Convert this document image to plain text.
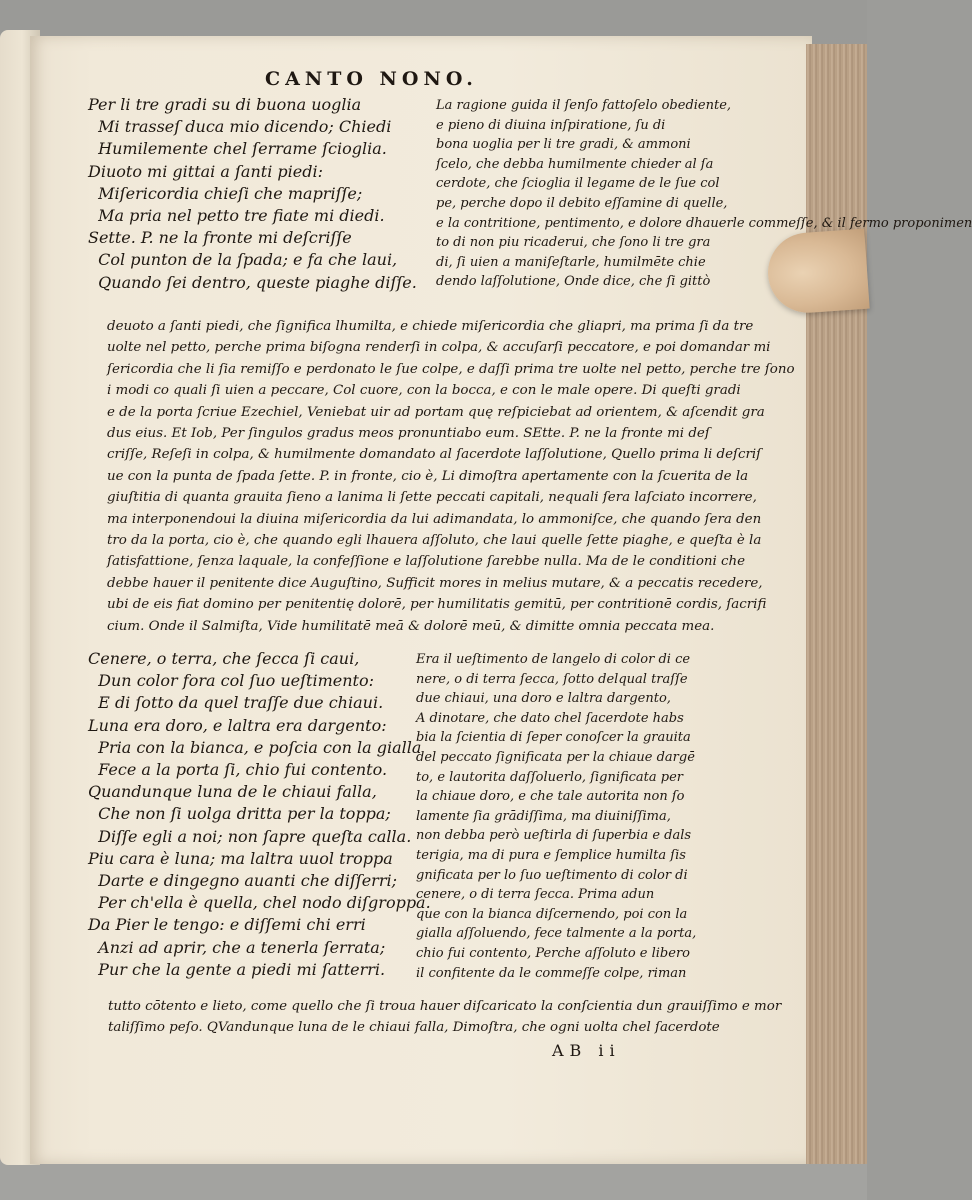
CANTO NONO.
Per li tre gradi su di buona uoglia
Mi trasseſ duca mio dicendo; Chiedi
Humilemente chel ſerrame ſcioglia.
Diuoto mi gittai a ſanti piedi:
Miſericordia chieſi che mapriſſe;
Ma pria nel petto tre fiate mi diedi.
Sette. P. ne la fronte mi deſcriſſe
Col punton de la ſpada; e fa che laui,
Quando ſei dentro, queste piaghe diſſe.
La ragione guida il ſenſo fattoſelo obediente,
e pieno di diuina inſpiratione, ſu di
bona uoglia per li tre gradi, & ammoni
ſcelo, che debba humilmente chieder al ſa
cerdote, che ſcioglia il legame de le ſue col
pe, perche dopo il debito eſſamine di quelle,
e la contritione, pentimento, e dolore dhauerle commeſſe, & il fermo proponimen
to di non piu ricaderui, che ſono li tre gra
di, ſi uien a maniſeſtarle, humilmēte chie
dendo laſſolutione, Onde dice, che ſi gittò
deuoto a ſanti piedi, che ſignifica lhumilta, e chiede miſericordia che gliapri, ma prima ſi da tre
uolte nel petto, perche prima biſogna renderſi in colpa, & accuſarſi peccatore, e poi domandar mi
ſericordia che li ſia remiſſo e perdonato le ſue colpe, e daſſi prima tre uolte nel petto, perche tre ſono
i modi co quali ſi uien a peccare, Col cuore, con la bocca, e con le male opere. Di queſti gradi
e de la porta ſcriue Ezechiel, Veniebat uir ad portam quę reſpiciebat ad orientem, & aſcendit gra
dus eius. Et Iob, Per ſingulos gradus meos pronuntiabo eum. SEtte. P. ne la fronte mi deſ
criſſe, Reſeſi in colpa, & humilmente domandato al ſacerdote laſſolutione, Quello prima li deſcriſ
ue con la punta de ſpada ſette. P. in fronte, cio è, Li dimoſtra apertamente con la ſcuerita de la
giuſtitia di quanta grauita ſieno a lanima li ſette peccati capitali, nequali ſera laſciato incorrere,
ma interponendoui la diuina miſericordia da lui adimandata, lo ammoniſce, che quando ſera den
tro da la porta, cio è, che quando egli lhauera aſſoluto, che laui quelle ſette piaghe, e queſta è la
ſatisfattione, ſenza laquale, la confeſſione e laſſolutione ſarebbe nulla. Ma de le conditioni che
debbe hauer il penitente dice Auguſtino, Sufficit mores in melius mutare, & a peccatis recedere,
ubi de eis fiat domino per penitentię dolorē, per humilitatis gemitū, per contritionē cordis, ſacrifi
cium. Onde il Salmiſta, Vide humilitatē meā & dolorē meū, & dimitte omnia peccata mea.
Cenere, o terra, che ſecca ſi caui,
Dun color fora col ſuo ueſtimento:
E di ſotto da quel traſſe due chiaui.
Luna era doro, e laltra era dargento:
Pria con la bianca, e poſcia con la gialla
Fece a la porta ſi, chio fui contento.
Quandunque luna de le chiaui falla,
Che non ſi uolga dritta per la toppa;
Diſſe egli a noi; non ſapre queſta calla.
Piu cara è luna; ma laltra uuol troppa
Darte e dingegno auanti che diſſerri;
Per ch'ella è quella, chel nodo diſgroppa.
Da Pier le tengo: e diſſemi chi erri
Anzi ad aprir, che a tenerla ſerrata;
Pur che la gente a piedi mi ſatterri.
Era il ueſtimento de langelo di color di ce
nere, o di terra ſecca, ſotto delqual traſſe
due chiaui, una doro e laltra dargento,
A dinotare, che dato chel ſacerdote habs
bia la ſcientia di ſeper conoſcer la grauita
del peccato ſignificata per la chiaue dargē
to, e lautorita daſſoluerlo, ſignificata per
la chiaue doro, e che tale autorita non ſo
lamente ſia grādiſſima, ma diuiniſſima,
non debba però ueſtirla di ſuperbia e dals
terigia, ma di pura e ſemplice humilta ſis
gnificata per lo ſuo ueſtimento di color di
cenere, o di terra ſecca. Prima adun
que con la bianca diſcernendo, poi con la
gialla aſſoluendo, fece talmente a la porta,
chio fui contento, Perche aſſoluto e libero
il confitente da le commeſſe colpe, riman
tutto cōtento e lieto, come quello che ſi troua hauer diſcaricato la conſcientia dun grauiſſimo e mor
taliſſimo peſo. QVandunque luna de le chiaui falla, Dimoſtra, che ogni uolta chel ſacerdote
AB ii
